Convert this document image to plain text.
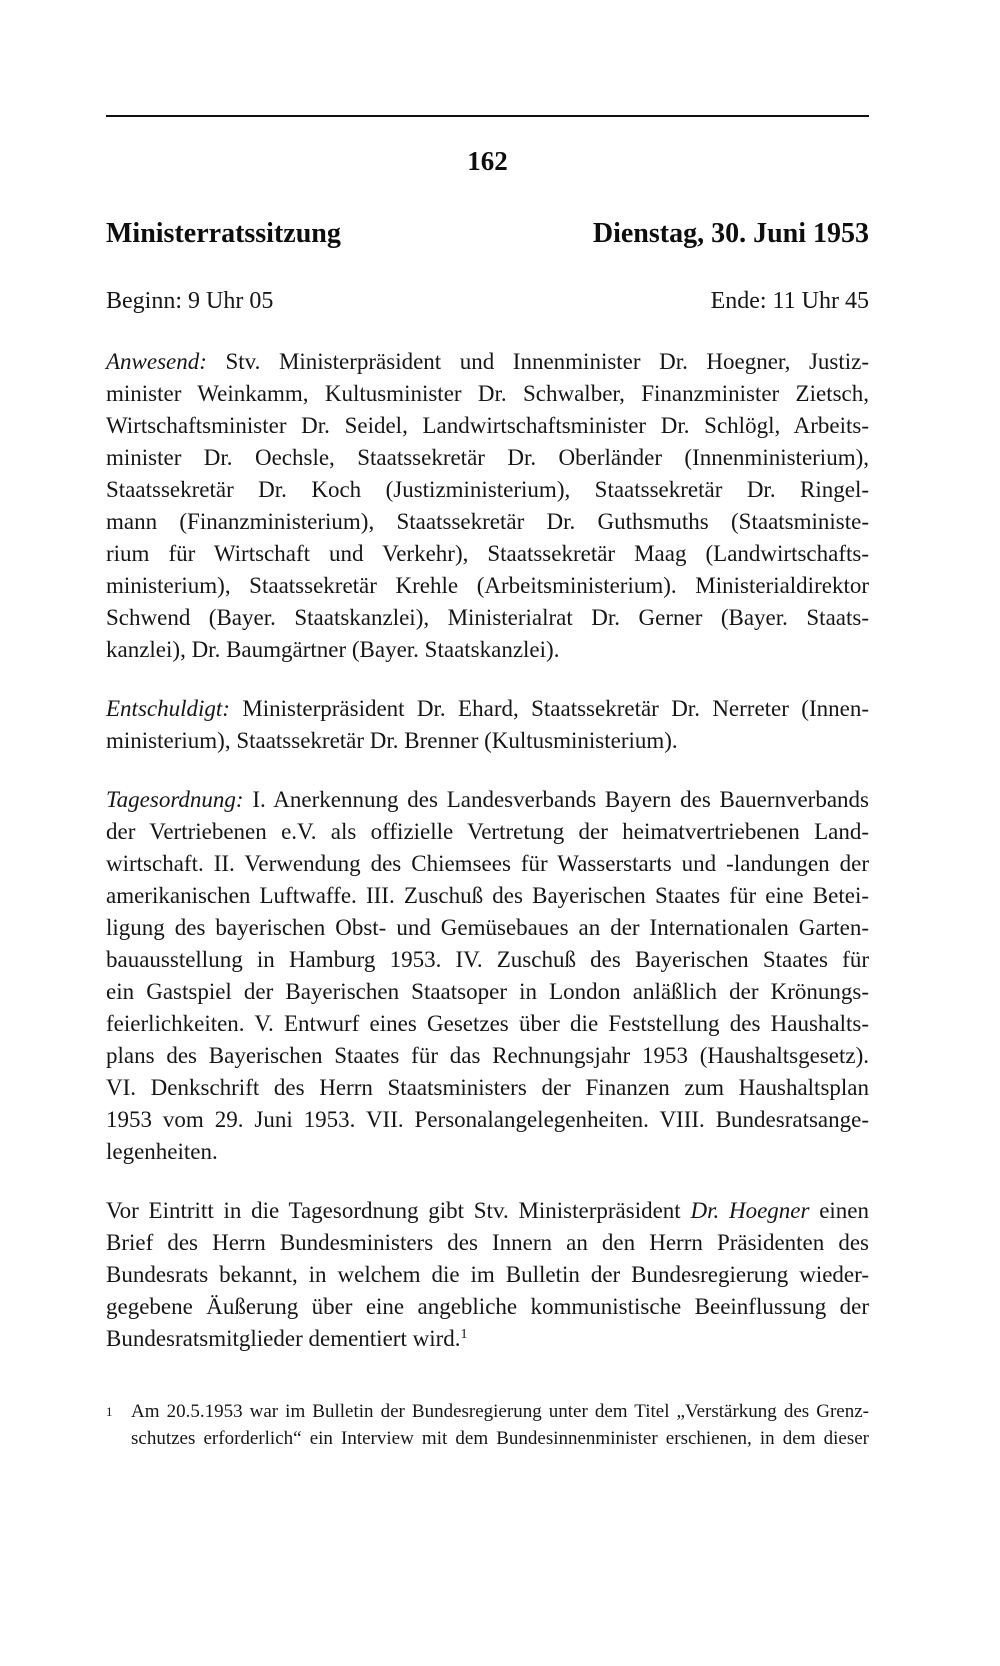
162
Ministerratssitzung	Dienstag, 30. Juni 1953
Beginn: 9 Uhr 05	Ende: 11 Uhr 45
Anwesend: Stv. Ministerpräsident und Innenminister Dr. Hoegner, Justiz-
minister Weinkamm, Kultusminister Dr. Schwalber, Finanzminister Zietsch,
Wirtschaftsminister Dr. Seidel, Landwirtschaftsminister Dr. Schlögl, Arbeits-
minister Dr. Oechsle, Staatssekretär Dr. Oberländer (Innenministerium),
Staatssekretär Dr. Koch (Justizministerium), Staatssekretär Dr. Ringel-
mann (Finanzministerium), Staatssekretär Dr. Guthsmuths (Staatsministe-
rium für Wirtschaft und Verkehr), Staatssekretär Maag (Landwirtschafts-
ministerium), Staatssekretär Krehle (Arbeitsministerium). Ministerialdirektor
Schwend (Bayer. Staatskanzlei), Ministerialrat Dr. Gerner (Bayer. Staats-
kanzlei), Dr. Baumgärtner (Bayer. Staatskanzlei).
Entschuldigt: Ministerpräsident Dr. Ehard, Staatssekretär Dr. Nerreter (Innen-
ministerium), Staatssekretär Dr. Brenner (Kultusministerium).
Tagesordnung: I. Anerkennung des Landesverbands Bayern des Bauernverbands
der Vertriebenen e.V. als offizielle Vertretung der heimatvertriebenen Land-
wirtschaft. II. Verwendung des Chiemsees für Wasserstarts und -landungen der
amerikanischen Luftwaffe. III. Zuschuß des Bayerischen Staates für eine Betei-
ligung des bayerischen Obst- und Gemüsebaues an der Internationalen Garten-
bauausstellung in Hamburg 1953. IV. Zuschuß des Bayerischen Staates für
ein Gastspiel der Bayerischen Staatsoper in London anläßlich der Krönungs-
feierlichkeiten. V. Entwurf eines Gesetzes über die Feststellung des Haushalts-
plans des Bayerischen Staates für das Rechnungsjahr 1953 (Haushaltsgesetz).
VI. Denkschrift des Herrn Staatsministers der Finanzen zum Haushaltsplan
1953 vom 29. Juni 1953. VII. Personalangelegenheiten. VIII. Bundesratsange-
legenheiten.
Vor Eintritt in die Tagesordnung gibt Stv. Ministerpräsident Dr. Hoegner einen
Brief des Herrn Bundesministers des Innern an den Herrn Präsidenten des
Bundesrats bekannt, in welchem die im Bulletin der Bundesregierung wieder-
gegebene Äußerung über eine angebliche kommunistische Beeinflussung der
Bundesratsmitglieder dementiert wird.$^1$
1 Am 20.5.1953 war im Bulletin der Bundesregierung unter dem Titel „Verstärkung des Grenz-
schutzes erforderlich“ ein Interview mit dem Bundesinnenminister erschienen, in dem dieser
